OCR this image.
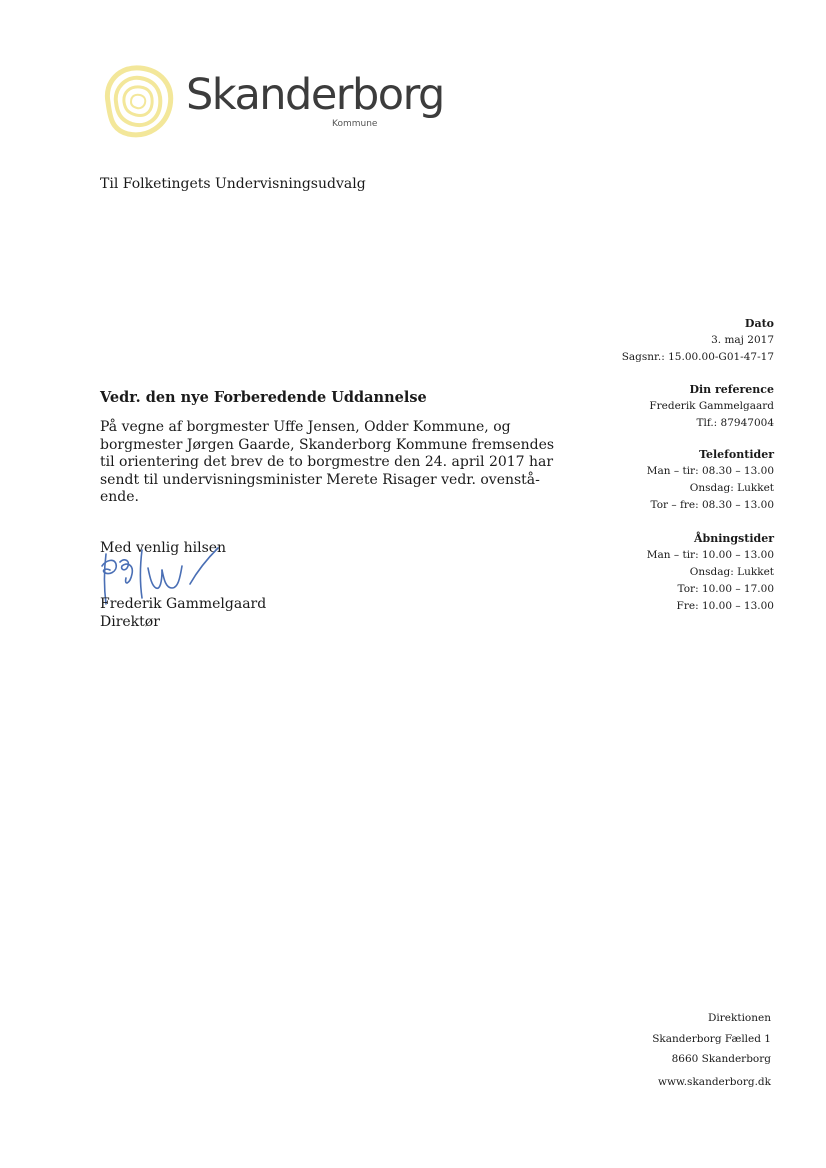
Skanderborg
Kommune
Til Folketingets Undervisningsudvalg
Dato
3. maj 2017
Sagsnr.: 15.00.00-G01-47-17
Din reference
Frederik Gammelgaard
Tlf.: 87947004
Telefontider
Man – tir: 08.30 – 13.00
Onsdag: Lukket
Tor – fre: 08.30 – 13.00
Åbningstider
Man – tir: 10.00 – 13.00
Onsdag: Lukket
Tor: 10.00 – 17.00
Fre: 10.00 – 13.00
Vedr. den nye Forberedende Uddannelse
På vegne af borgmester Uffe Jensen, Odder Kommune, og
borgmester Jørgen Gaarde, Skanderborg Kommune fremsendes
til orientering det brev de to borgmestre den 24. april 2017 har
sendt til undervisningsminister Merete Risager vedr. ovenstå-
ende.
Med venlig hilsen
Frederik Gammelgaard
Direktør
Direktionen
Skanderborg Fælled 1
8660 Skanderborg
www.skanderborg.dk
